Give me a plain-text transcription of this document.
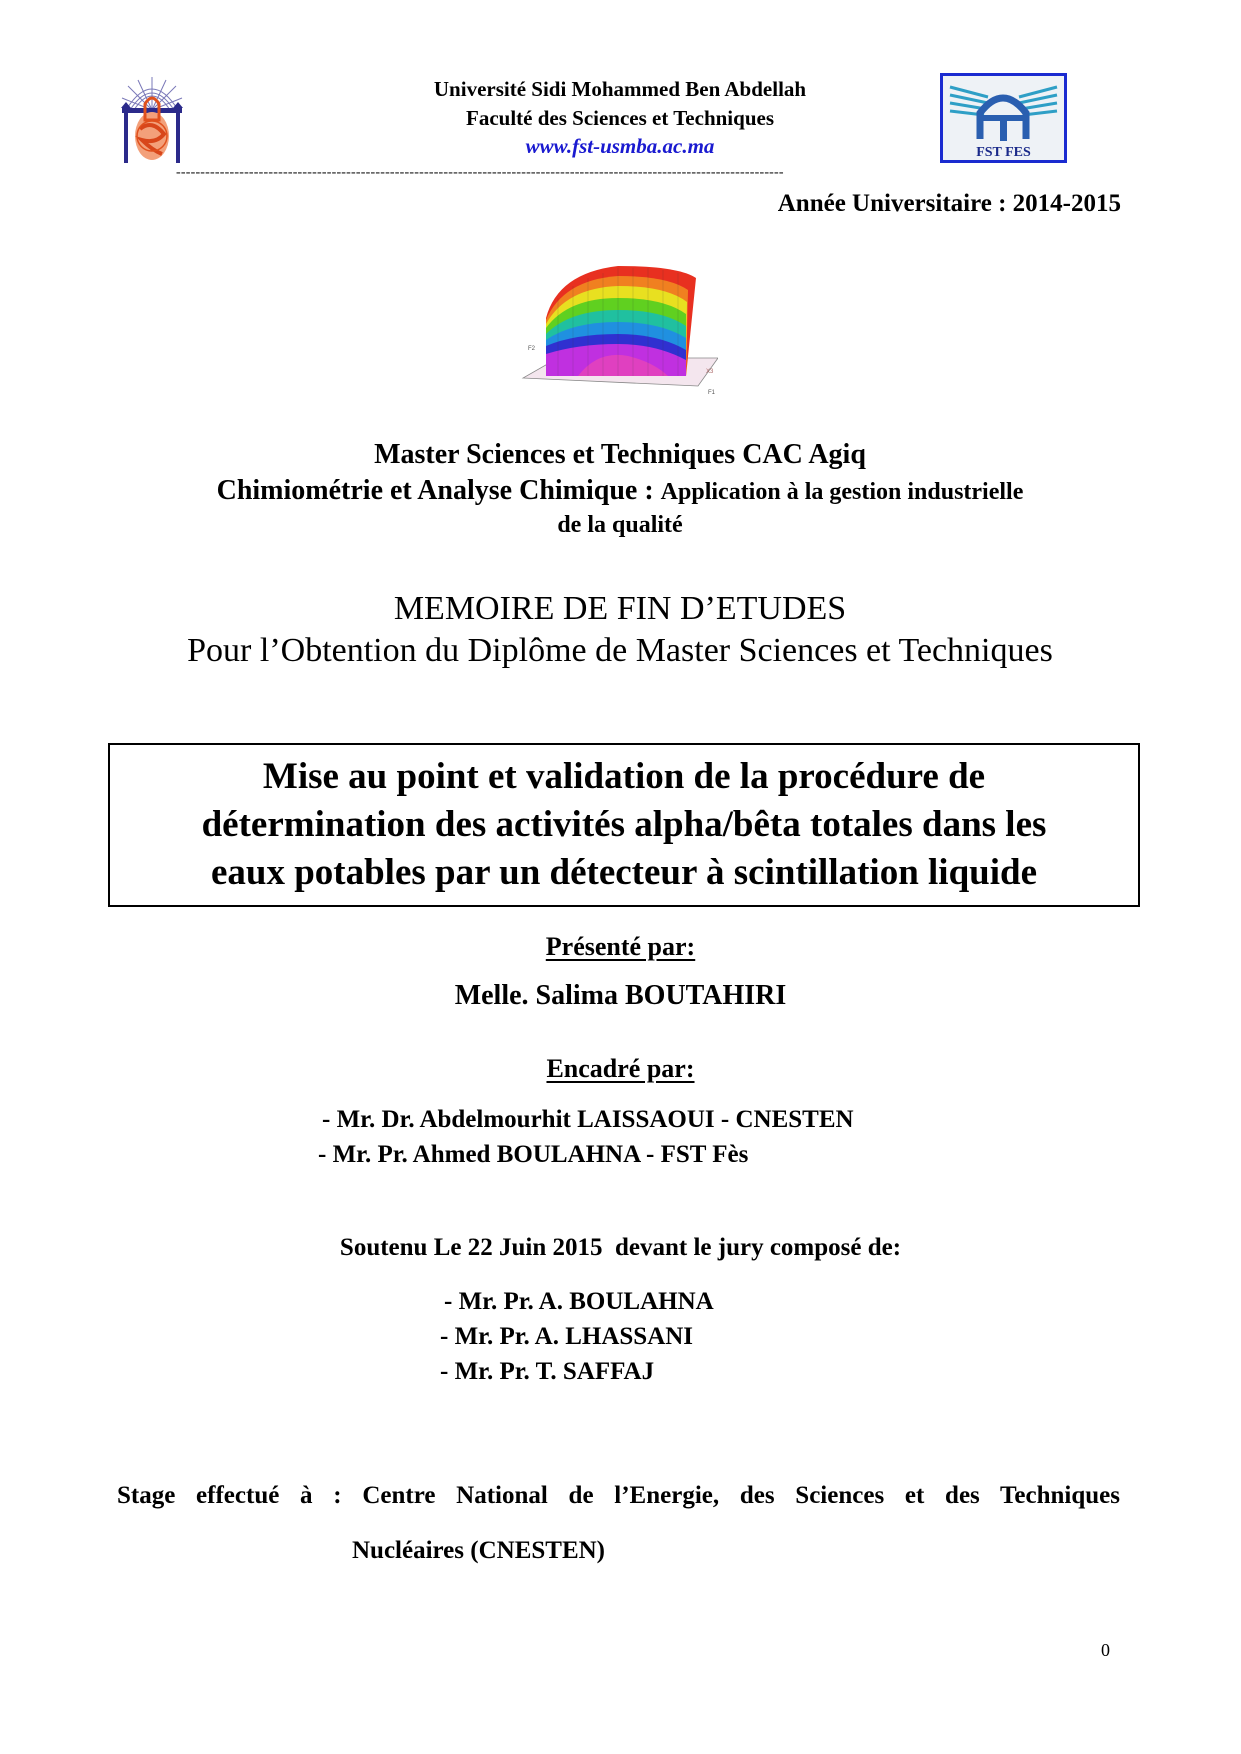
Université Sidi Mohammed Ben Abdellah
Faculté des Sciences et Techniques
www.fst-usmba.ac.ma	FST FES
-----------------------------------------------------------------------------------------------------------------------------
Année Universitaire : 2014-2015
F2
F1
X3
Master Sciences et Techniques CAC Agiq
Chimiométrie et Analyse Chimique : Application à la gestion industrielle
de la qualité
MEMOIRE DE FIN D’ETUDES
Pour l’Obtention du Diplôme de Master Sciences et Techniques
Mise au point et validation de la procédure de
détermination des activités alpha/bêta totales dans les
eaux potables par un détecteur à scintillation liquide
Présenté par:
Melle. Salima BOUTAHIRI
Encadré par:
- Mr. Dr. Abdelmourhit LAISSAOUI - CNESTEN
- Mr. Pr. Ahmed BOULAHNA - FST Fès
Soutenu Le 22 Juin 2015  devant le jury composé de:
- Mr. Pr. A. BOULAHNA
- Mr. Pr. A. LHASSANI
- Mr. Pr. T. SAFFAJ
Stage effectué à : Centre National de l’Energie, des Sciences et des Techniques
Nucléaires (CNESTEN)
0
